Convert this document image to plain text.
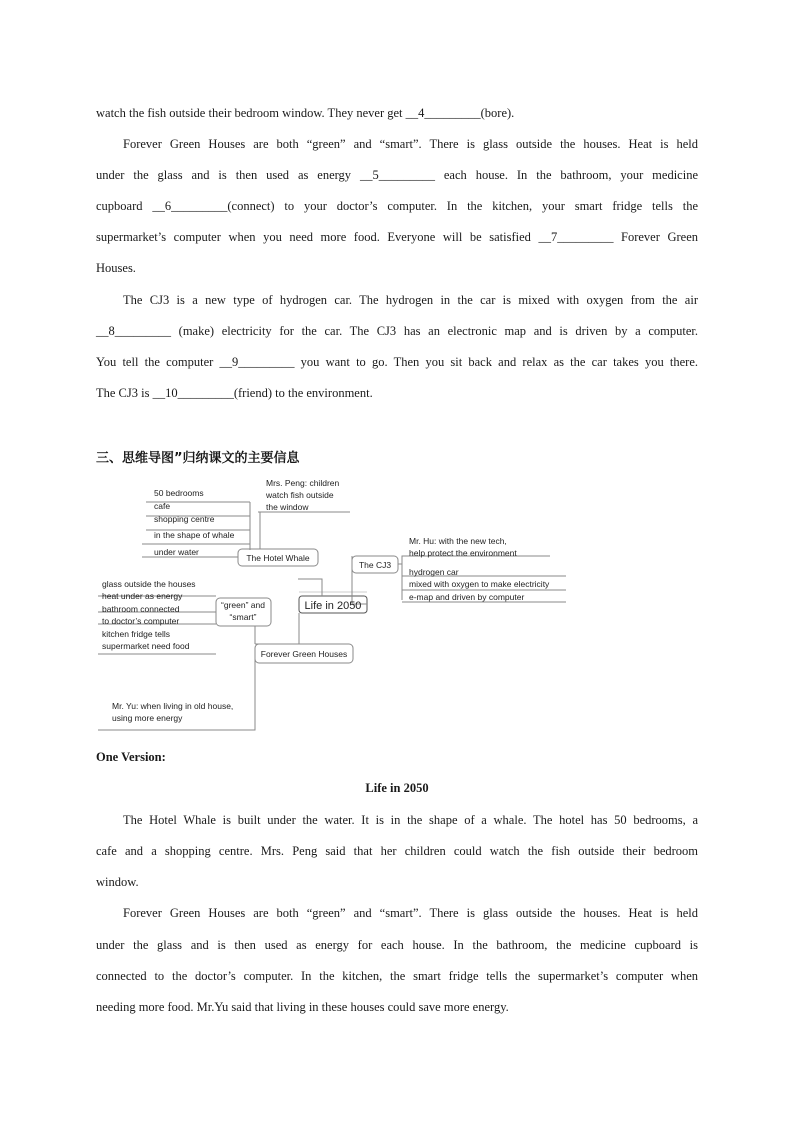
watch the fish outside their bedroom window. They never get __4_________(bore).
Forever Green Houses are both “green” and “smart”. There is glass outside the houses. Heat is held
under the glass and is then used as energy __5_________ each house. In the bathroom, your medicine
cupboard __6_________(connect) to your doctor’s computer. In the kitchen, your smart fridge tells the
supermarket’s computer when you need more food. Everyone will be satisfied __7_________ Forever Green
Houses.
The CJ3 is a new type of hydrogen car. The hydrogen in the car is mixed with oxygen from the air
__8_________ (make) electricity for the car. The CJ3 has an electronic map and is driven by a computer.
You tell the computer __9_________ you want to go. Then you sit back and relax as the car takes you there.
The CJ3 is __10_________(friend) to the environment.
三、思维导图”归纳课文的主要信息
Life in 2050
The Hotel Whale
50 bedrooms
cafe
shopping centre
in the shape of whale
under water
Mrs. Peng: children
watch fish outside
the window
The CJ3
Mr. Hu: with the new tech,
help protect the environment
hydrogen car
mixed with oxygen to make electricity
e-map and driven by computer
Forever Green Houses
“green” and
“smart”
glass outside the houses
heat under as energy
bathroom connected
to doctor’s computer
kitchen fridge tells
supermarket need food
Mr. Yu: when living in old house,
using more energy
One Version:
Life in 2050
The Hotel Whale is built under the water. It is in the shape of a whale. The hotel has 50 bedrooms, a
cafe and a shopping centre. Mrs. Peng said that her children could watch the fish outside their bedroom
window.
Forever Green Houses are both “green” and “smart”. There is glass outside the houses. Heat is held
under the glass and is then used as energy for each house. In the bathroom, the medicine cupboard is
connected to the doctor’s computer. In the kitchen, the smart fridge tells the supermarket’s computer when
needing more food. Mr.Yu said that living in these houses could save more energy.
